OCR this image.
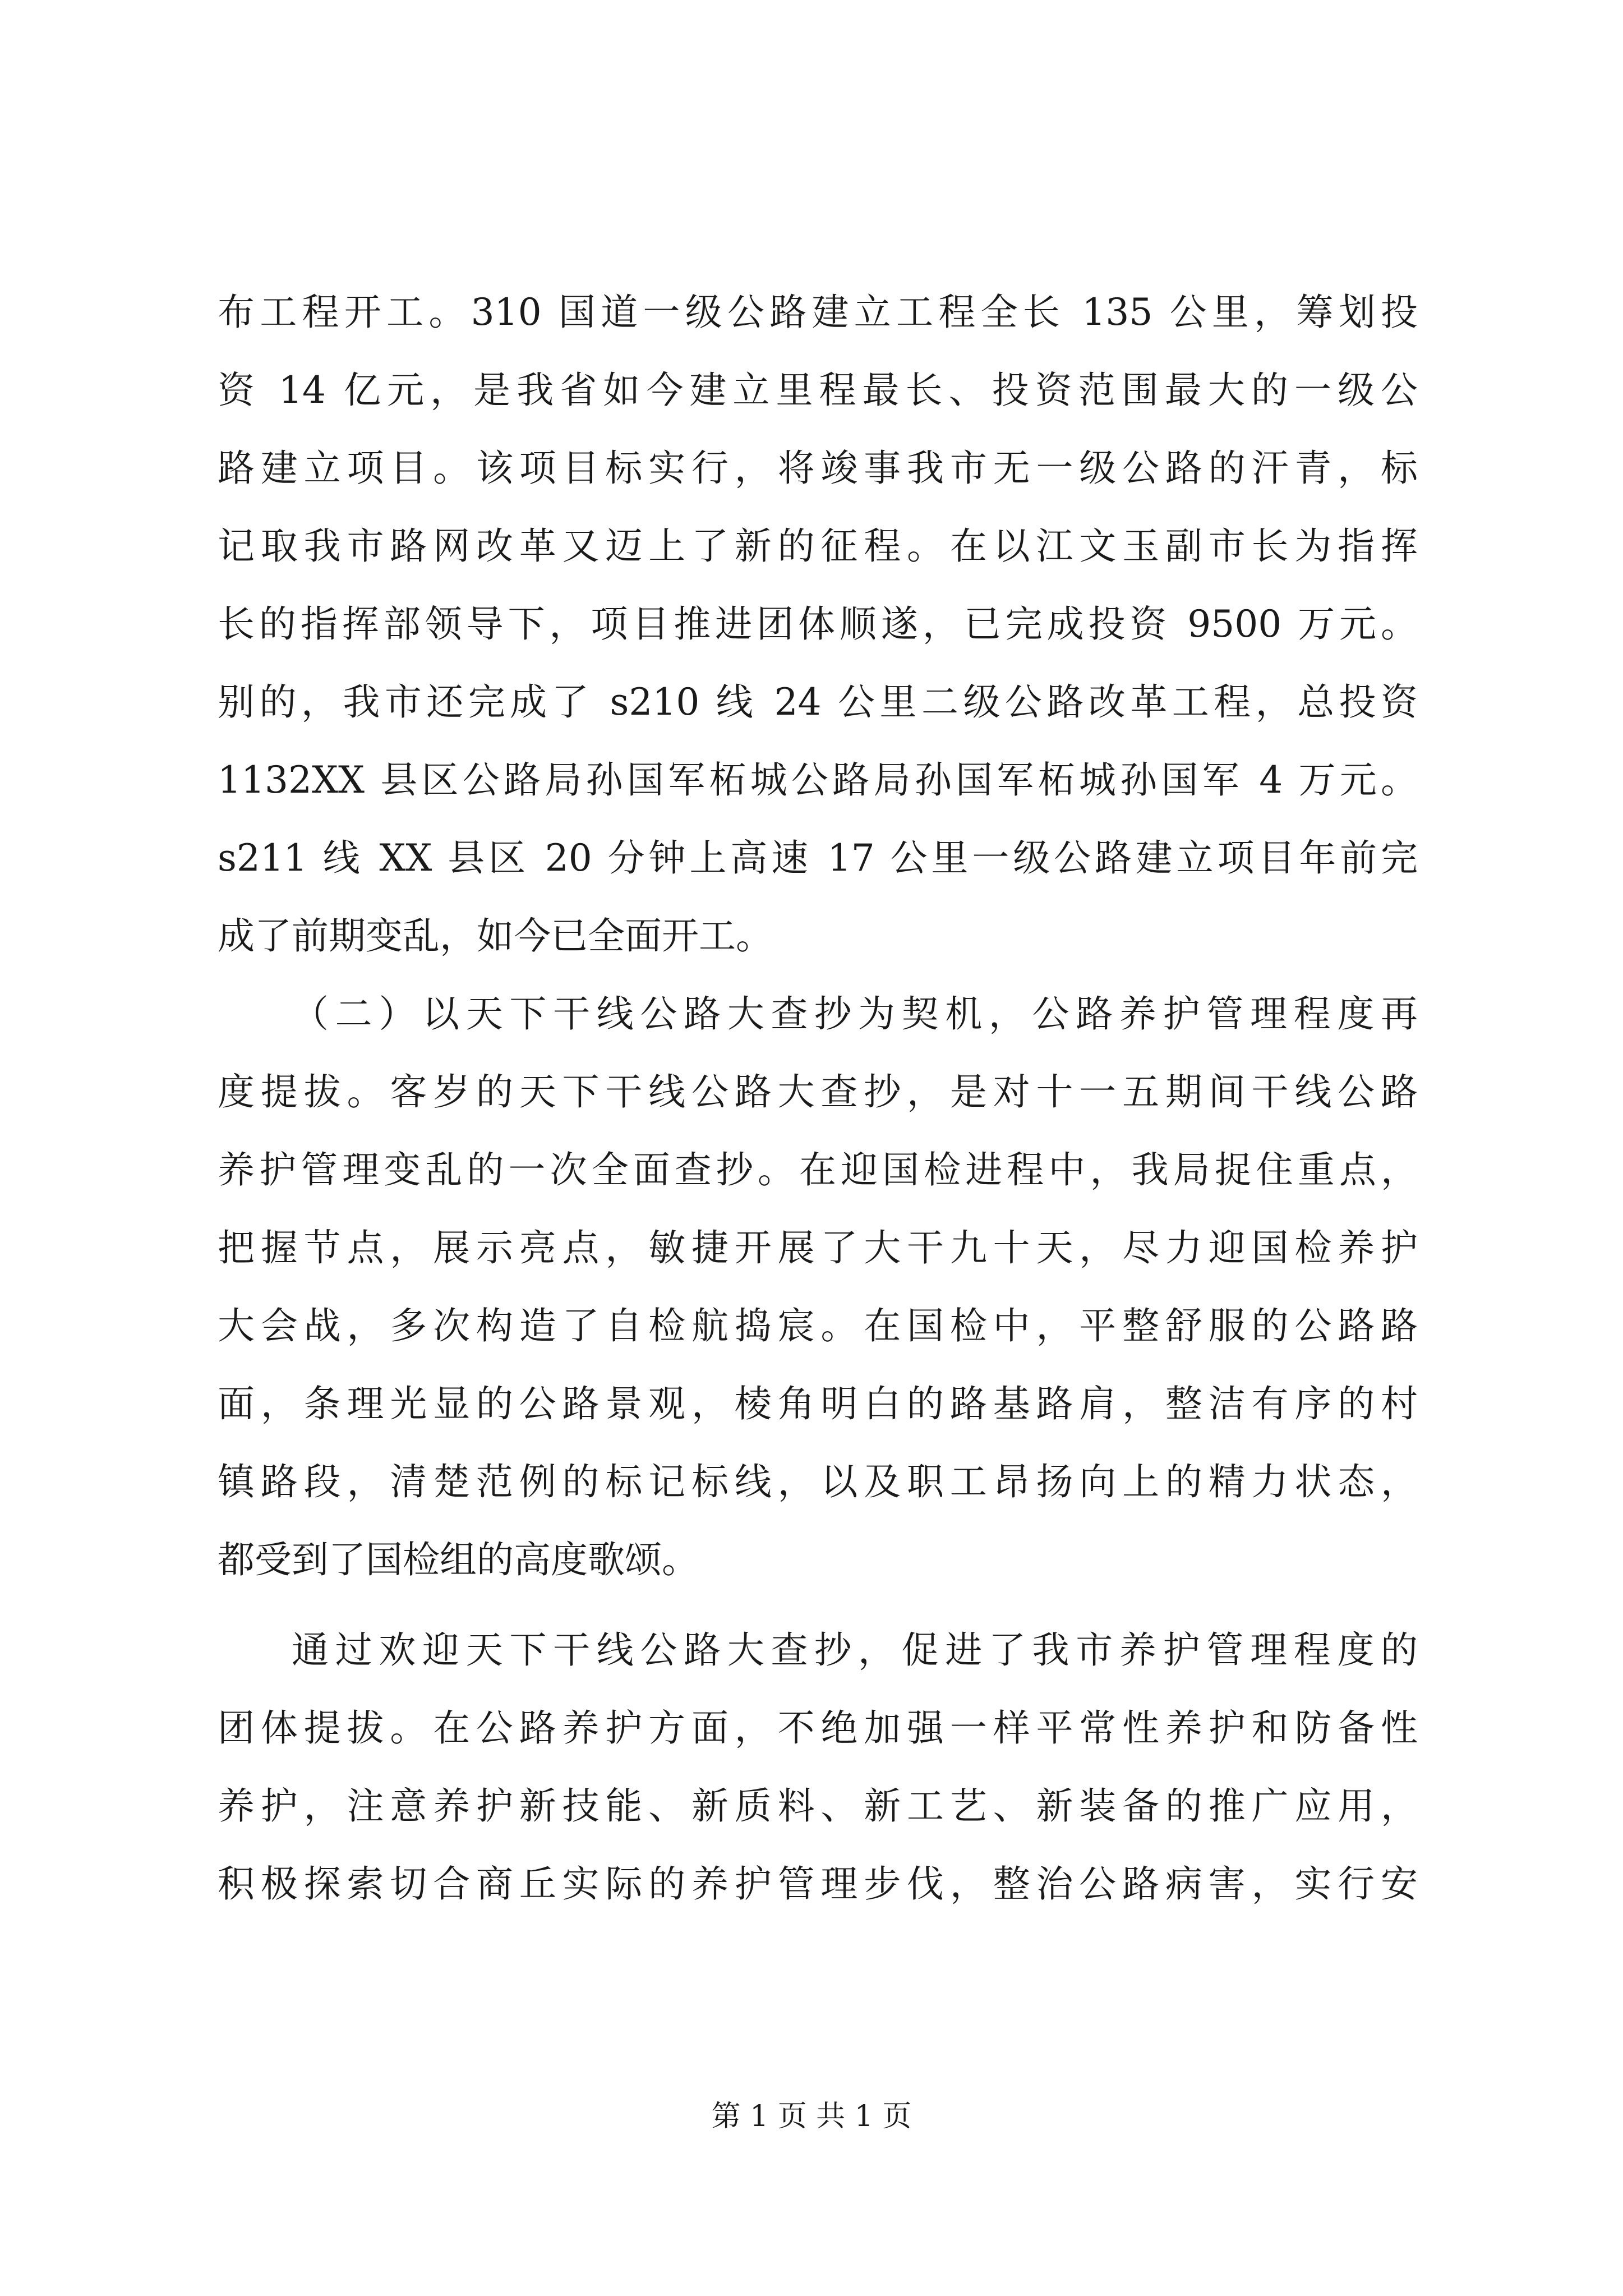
布工程开工。310 国道一级公路建立工程全长 135 公里，筹划投
资 14 亿元，是我省如今建立里程最长、投资范围最大的一级公
路建立项目。该项目标实行，将竣事我市无一级公路的汗青，标
记取我市路网改革又迈上了新的征程。在以江文玉副市长为指挥
长的指挥部领导下，项目推进团体顺遂，已完成投资 9500 万元。
别的，我市还完成了 s210 线 24 公里二级公路改革工程，总投资
1132XX 县区公路局孙国军柘城公路局孙国军柘城孙国军 4 万元。
s211 线 XX 县区 20 分钟上高速 17 公里一级公路建立项目年前完
成了前期变乱，如今已全面开工。
（二）以天下干线公路大查抄为契机，公路养护管理程度再
度提拔。客岁的天下干线公路大查抄，是对十一五期间干线公路
养护管理变乱的一次全面查抄。在迎国检进程中，我局捉住重点，
把握节点，展示亮点，敏捷开展了大干九十天，尽力迎国检养护
大会战，多次构造了自检航捣宸。在国检中，平整舒服的公路路
面，条理光显的公路景观，棱角明白的路基路肩，整洁有序的村
镇路段，清楚范例的标记标线，以及职工昂扬向上的精力状态，
都受到了国检组的高度歌颂。
通过欢迎天下干线公路大查抄，促进了我市养护管理程度的
团体提拔。在公路养护方面，不绝加强一样平常性养护和防备性
养护，注意养护新技能、新质料、新工艺、新装备的推广应用，
积极探索切合商丘实际的养护管理步伐，整治公路病害，实行安
第 1 页 共 1 页
